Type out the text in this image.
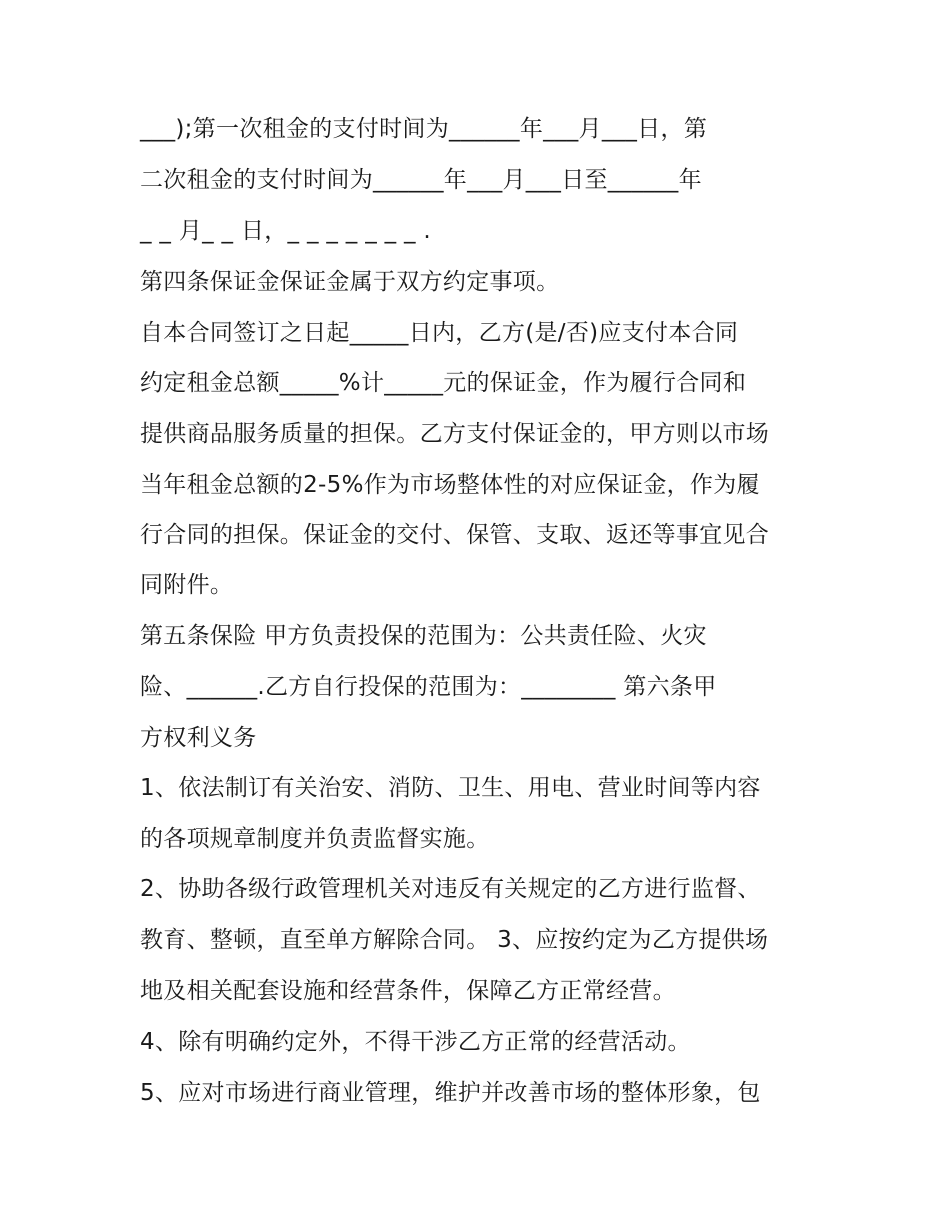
___);第一次租金的支付时间为______年___月___日，第
二次租金的支付时间为______年___月___日至______年
_ _ 月_ _ 日，_ _ _ _ _ _ _ .
第四条保证金保证金属于双方约定事项。
自本合同签订之日起_____日内，乙方(是/否)应支付本合同
约定租金总额_____%计_____元的保证金，作为履行合同和
提供商品服务质量的担保。乙方支付保证金的，甲方则以市场
当年租金总额的2-5%作为市场整体性的对应保证金，作为履
行合同的担保。保证金的交付、保管、支取、返还等事宜见合
同附件。
第五条保险 甲方负责投保的范围为：公共责任险、火灾
险、______.乙方自行投保的范围为：________ 第六条甲
方权利义务
1、依法制订有关治安、消防、卫生、用电、营业时间等内容
的各项规章制度并负责监督实施。
2、协助各级行政管理机关对违反有关规定的乙方进行监督、
教育、整顿，直至单方解除合同。 3、应按约定为乙方提供场
地及相关配套设施和经营条件，保障乙方正常经营。
4、除有明确约定外，不得干涉乙方正常的经营活动。
5、应对市场进行商业管理，维护并改善市场的整体形象，包
